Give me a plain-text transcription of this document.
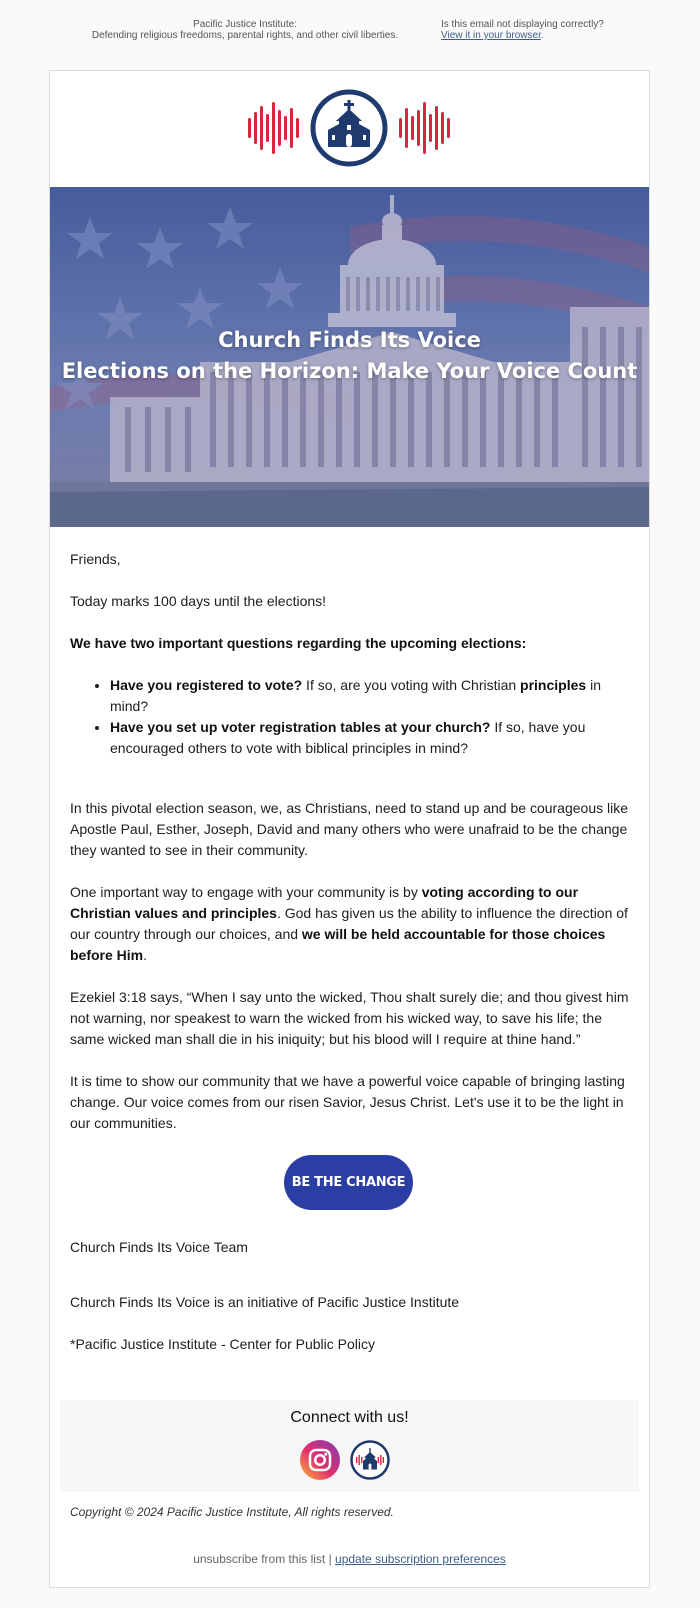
Pacific Justice Institute:
Defending religious freedoms, parental rights, and other civil liberties.
Is this email not displaying correctly?
View it in your browser.
Church Finds Its Voice
Elections on the Horizon: Make Your Voice Count

Friends,

Today marks 100 days until the elections!

We have two important questions regarding the upcoming elections:

• Have you registered to vote? If so, are you voting with Christian principles in mind?
• Have you set up voter registration tables at your church? If so, have you encouraged others to vote with biblical principles in mind?

In this pivotal election season, we, as Christians, need to stand up and be courageous like Apostle Paul, Esther, Joseph, David and many others who were unafraid to be the change they wanted to see in their community.

One important way to engage with your community is by voting according to our Christian values and principles. God has given us the ability to influence the direction of our country through our choices, and we will be held accountable for those choices before Him.

Ezekiel 3:18 says, “When I say unto the wicked, Thou shalt surely die; and thou givest him not warning, nor speakest to warn the wicked from his wicked way, to save his life; the same wicked man shall die in his iniquity; but his blood will I require at thine hand.”

It is time to show our community that we have a powerful voice capable of bringing lasting change. Our voice comes from our risen Savior, Jesus Christ. Let's use it to be the light in our communities.

BE THE CHANGE

Church Finds Its Voice Team

Church Finds Its Voice is an initiative of Pacific Justice Institute

*Pacific Justice Institute - Center for Public Policy

Connect with us!

Copyright © 2024 Pacific Justice Institute, All rights reserved.
unsubscribe from this list | update subscription preferences
